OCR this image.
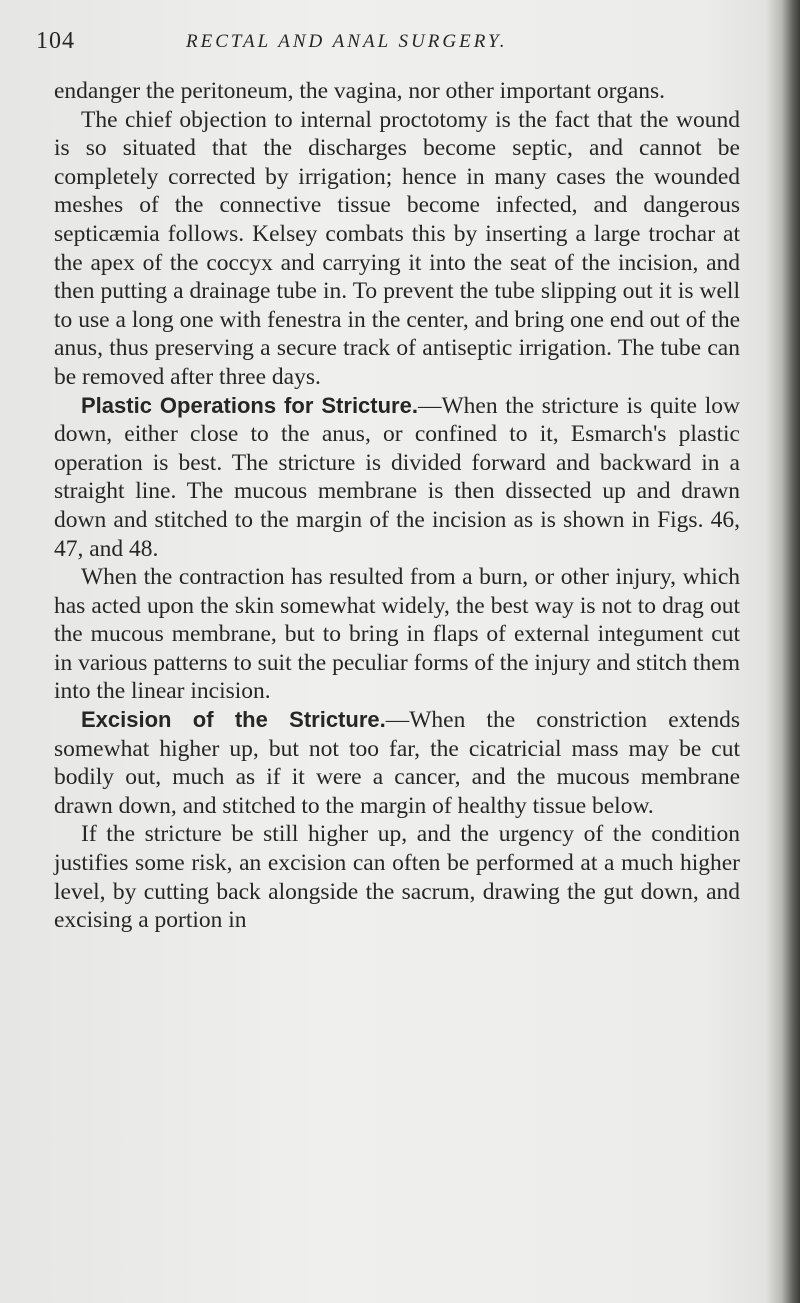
104	RECTAL AND ANAL SURGERY.

endanger the peritoneum, the vagina, nor other important organs.

The chief objection to internal proctotomy is the fact that the wound is so situated that the discharges become septic, and cannot be completely corrected by irrigation; hence in many cases the wounded meshes of the connective tissue become infected, and dangerous septicæmia follows. Kelsey combats this by inserting a large trochar at the apex of the coccyx and carrying it into the seat of the incision, and then putting a drainage tube in. To prevent the tube slipping out it is well to use a long one with fenestra in the center, and bring one end out of the anus, thus preserving a secure track of antiseptic irrigation. The tube can be removed after three days.

Plastic Operations for Stricture.—When the stricture is quite low down, either close to the anus, or confined to it, Esmarch's plastic operation is best. The stricture is divided forward and backward in a straight line. The mucous membrane is then dissected up and drawn down and stitched to the margin of the incision as is shown in Figs. 46, 47, and 48.

When the contraction has resulted from a burn, or other injury, which has acted upon the skin somewhat widely, the best way is not to drag out the mucous membrane, but to bring in flaps of external integument cut in various patterns to suit the peculiar forms of the injury and stitch them into the linear incision.

Excision of the Stricture.—When the constriction extends somewhat higher up, but not too far, the cicatricial mass may be cut bodily out, much as if it were a cancer, and the mucous membrane drawn down, and stitched to the margin of healthy tissue below.

If the stricture be still higher up, and the urgency of the condition justifies some risk, an excision can often be performed at a much higher level, by cutting back alongside the sacrum, drawing the gut down, and excising a portion in
